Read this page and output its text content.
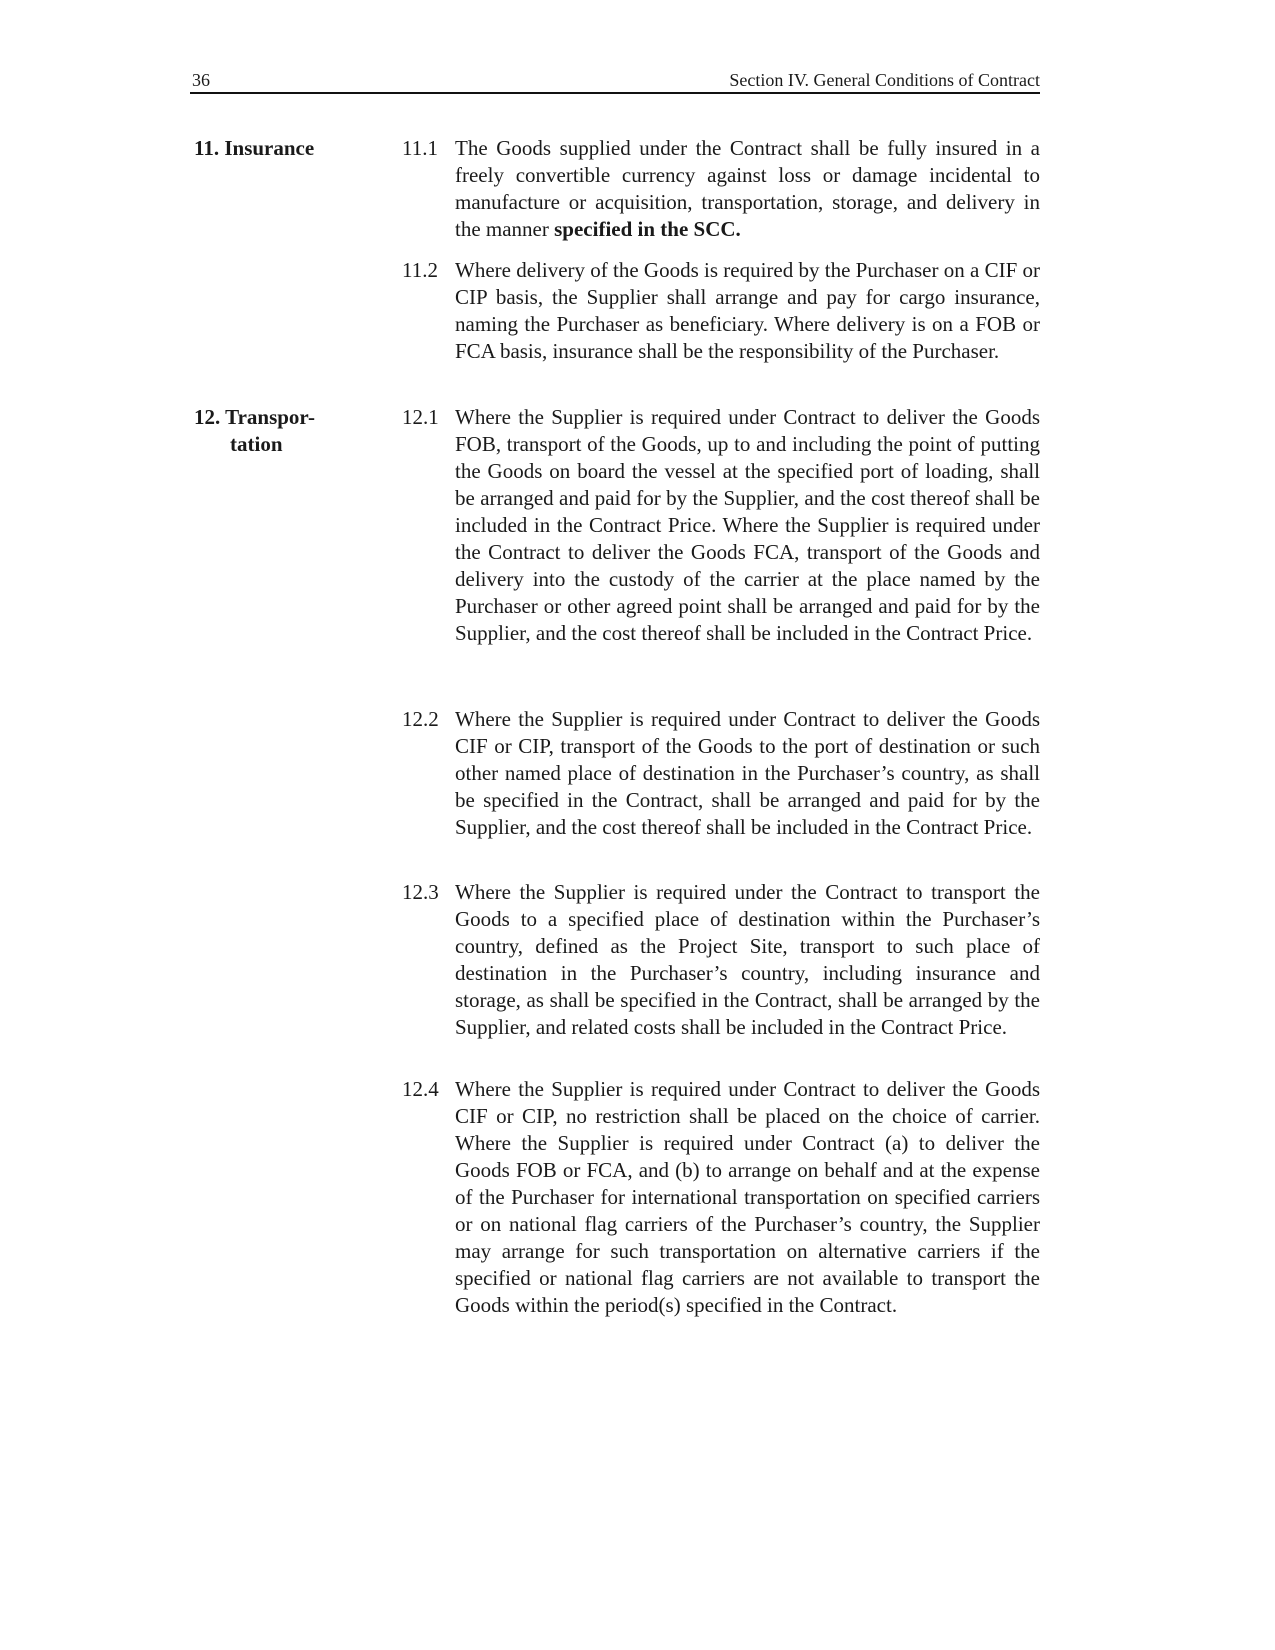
36	Section IV. General Conditions of Contract
11. Insurance	11.1 The Goods supplied under the Contract shall be fully insured in a freely convertible currency against loss or damage incidental to manufacture or acquisition, transportation, storage, and delivery in the manner specified in the SCC.
11.2 Where delivery of the Goods is required by the Purchaser on a CIF or CIP basis, the Supplier shall arrange and pay for cargo insurance, naming the Purchaser as beneficiary. Where delivery is on a FOB or FCA basis, insurance shall be the responsibility of the Purchaser.
12. Transpor-
tation
12.1 Where the Supplier is required under Contract to deliver the Goods FOB, transport of the Goods, up to and including the point of putting the Goods on board the vessel at the specified port of loading, shall be arranged and paid for by the Supplier, and the cost thereof shall be included in the Contract Price. Where the Supplier is required under the Contract to deliver the Goods FCA, transport of the Goods and delivery into the custody of the carrier at the place named by the Purchaser or other agreed point shall be arranged and paid for by the Supplier, and the cost thereof shall be included in the Contract Price.
12.2 Where the Supplier is required under Contract to deliver the Goods CIF or CIP, transport of the Goods to the port of destination or such other named place of destination in the Purchaser’s country, as shall be specified in the Contract, shall be arranged and paid for by the Supplier, and the cost thereof shall be included in the Contract Price.
12.3 Where the Supplier is required under the Contract to transport the Goods to a specified place of destination within the Purchaser’s country, defined as the Project Site, transport to such place of destination in the Purchaser’s country, including insurance and storage, as shall be specified in the Contract, shall be arranged by the Supplier, and related costs shall be included in the Contract Price.
12.4 Where the Supplier is required under Contract to deliver the Goods CIF or CIP, no restriction shall be placed on the choice of carrier. Where the Supplier is required under Contract (a) to deliver the Goods FOB or FCA, and (b) to arrange on behalf and at the expense of the Purchaser for international transportation on specified carriers or on national flag carriers of the Purchaser’s country, the Supplier may arrange for such transportation on alternative carriers if the specified or national flag carriers are not available to transport the Goods within the period(s) specified in the Contract.
